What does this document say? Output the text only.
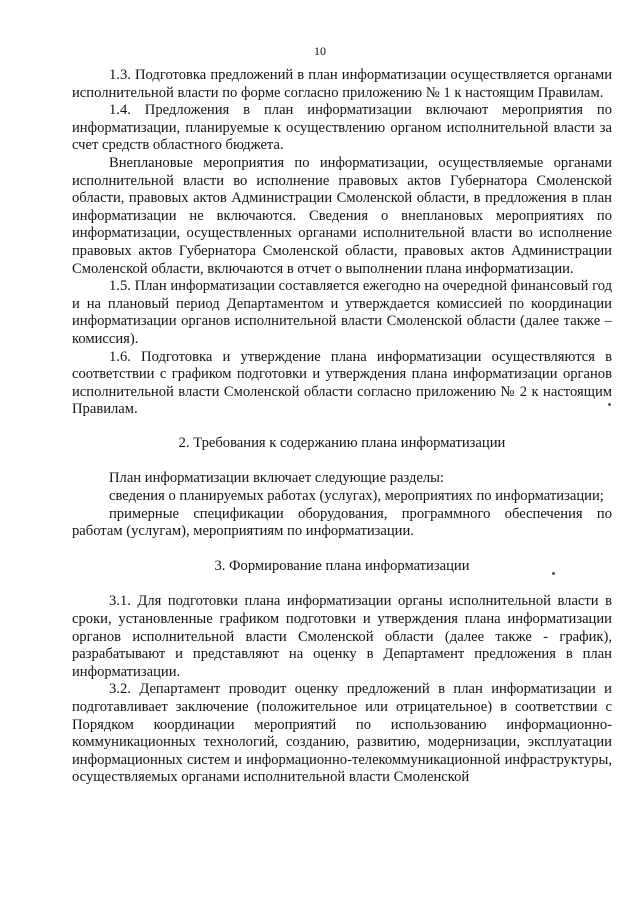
10

1.3. Подготовка предложений в план информатизации осуществляется органами исполнительной власти по форме согласно приложению № 1 к настоящим Правилам.

1.4. Предложения в план информатизации включают мероприятия по информатизации, планируемые к осуществлению органом исполнительной власти за счет средств областного бюджета.

Внеплановые мероприятия по информатизации, осуществляемые органами исполнительной власти во исполнение правовых актов Губернатора Смоленской области, правовых актов Администрации Смоленской области, в предложения в план информатизации не включаются. Сведения о внеплановых мероприятиях по информатизации, осуществленных органами исполнительной власти во исполнение правовых актов Губернатора Смоленской области, правовых актов Администрации Смоленской области, включаются в отчет о выполнении плана информатизации.

1.5. План информатизации составляется ежегодно на очередной финансовый год и на плановый период Департаментом и утверждается комиссией по координации информатизации органов исполнительной власти Смоленской области (далее также – комиссия).

1.6. Подготовка и утверждение плана информатизации осуществляются в соответствии с графиком подготовки и утверждения плана информатизации органов исполнительной власти Смоленской области согласно приложению № 2 к настоящим Правилам.

2. Требования к содержанию плана информатизации

План информатизации включает следующие разделы:

сведения о планируемых работах (услугах), мероприятиях по информатизации;

примерные спецификации оборудования, программного обеспечения по работам (услугам), мероприятиям по информатизации.

3. Формирование плана информатизации

3.1. Для подготовки плана информатизации органы исполнительной власти в сроки, установленные графиком подготовки и утверждения плана информатизации органов исполнительной власти Смоленской области (далее также - график), разрабатывают и представляют на оценку в Департамент предложения в план информатизации.

3.2. Департамент проводит оценку предложений в план информатизации и подготавливает заключение (положительное или отрицательное) в соответствии с Порядком координации мероприятий по использованию информационно-коммуникационных технологий, созданию, развитию, модернизации, эксплуатации информационных систем и информационно-телекоммуникационной инфраструктуры, осуществляемых органами исполнительной власти Смоленской
